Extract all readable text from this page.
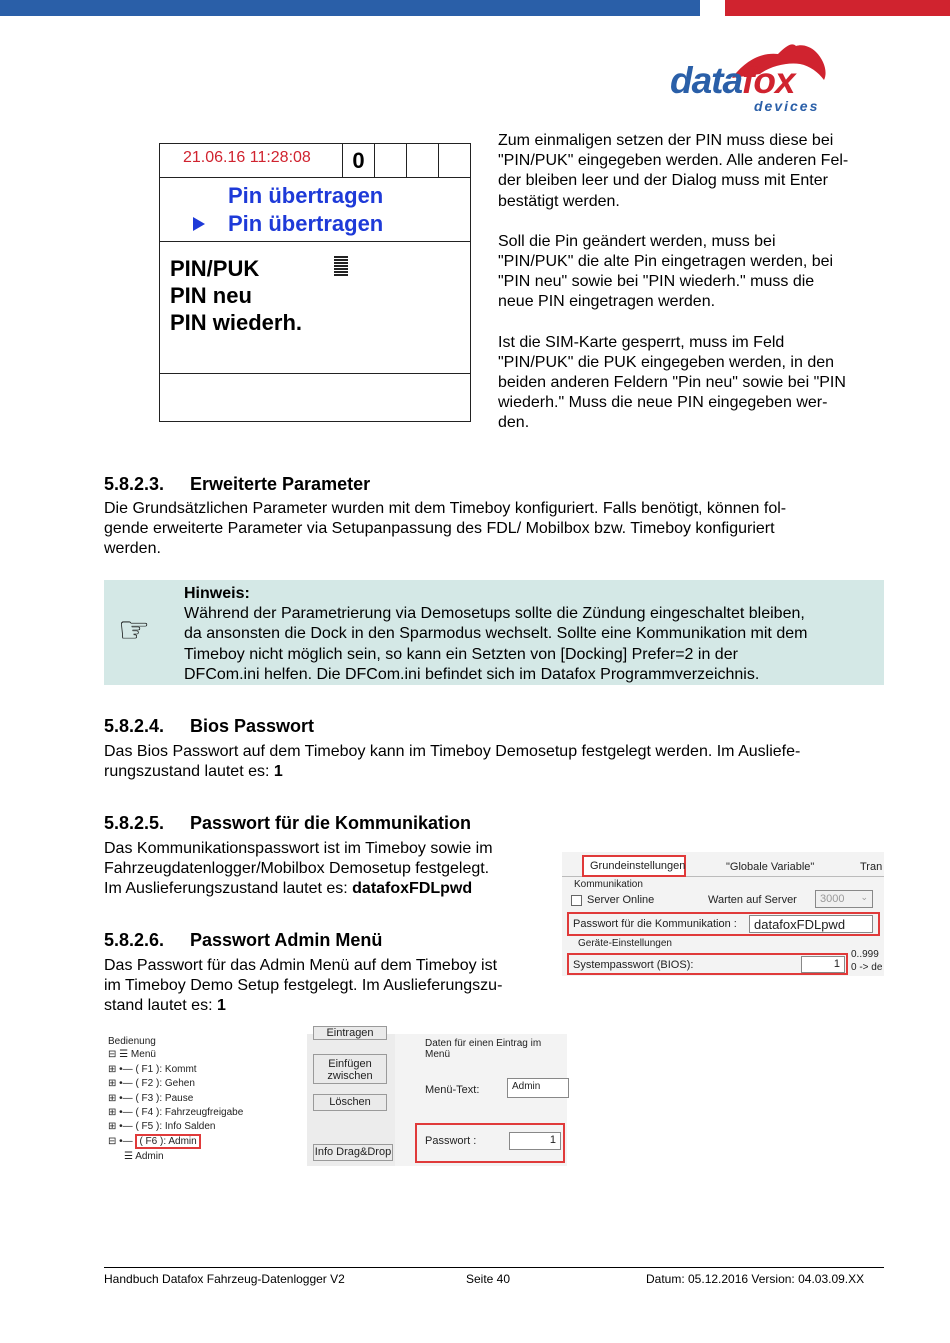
datafox
devices
21.06.16 11:28:08	0
Pin übertragen
Pin übertragen
PIN/PUK
PIN neu
PIN wiederh.

Zum einmaligen setzen der PIN muss diese bei
"PIN/PUK" eingegeben werden. Alle anderen Fel-
der bleiben leer und der Dialog muss mit Enter
bestätigt werden.

Soll die Pin geändert werden, muss bei
"PIN/PUK" die alte Pin eingetragen werden, bei
"PIN neu" sowie bei "PIN wiederh." muss die
neue PIN eingetragen werden.

Ist die SIM-Karte gesperrt, muss im Feld
"PIN/PUK" die PUK eingegeben werden, in den
beiden anderen Feldern "Pin neu" sowie bei "PIN
wiederh." Muss die neue PIN eingegeben wer-
den.

5.8.2.3. Erweiterte Parameter
Die Grundsätzlichen Parameter wurden mit dem Timeboy konfiguriert. Falls benötigt, können fol-
gende erweiterte Parameter via Setupanpassung des FDL/ Mobilbox bzw. Timeboy konfiguriert
werden.
☞
Hinweis:
Während der Parametrierung via Demosetups sollte die Zündung eingeschaltet bleiben,
da ansonsten die Dock in den Sparmodus wechselt. Sollte eine Kommunikation mit dem
Timeboy nicht möglich sein, so kann ein Setzten von [Docking] Prefer=2 in der
DFCom.ini helfen. Die DFCom.ini befindet sich im Datafox Programmverzeichnis.
5.8.2.4. Bios Passwort
Das Bios Passwort auf dem Timeboy kann im Timeboy Demosetup festgelegt werden. Im Ausliefe-
rungszustand lautet es: 1
5.8.2.5. Passwort für die Kommunikation
Das Kommunikationspasswort ist im Timeboy sowie im
Fahrzeugdatenlogger/Mobilbox Demosetup festgelegt.
Im Auslieferungszustand lautet es: datafoxFDLpwd
5.8.2.6. Passwort Admin Menü
Das Passwort für das Admin Menü auf dem Timeboy ist
im Timeboy Demo Setup festgelegt. Im Auslieferungszu-
stand lautet es: 1
Grundeinstellungen	"Globale Variable"	Tran
Kommunikation
Server Online	Warten auf Server	3000 ⌄
Passwort für die Kommunikation :	datafoxFDLpwd
Geräte-Einstellungen
Systempasswort (BIOS):	1
0..999
0 -> de
Bedienung
⊟ ☰ Menü
⊞ •— ( F1 ): Kommt
⊞ •— ( F2 ): Gehen
⊞ •— ( F3 ): Pause
⊞ •— ( F4 ): Fahrzeugfreigabe
⊞ •— ( F5 ): Info Salden
⊟ •— ( F6 ): Admin
☰ Admin
Eintragen
Einfügen
zwischen
Löschen
Info Drag&Drop
Daten für einen Eintrag im Menü
Menü-Text:	Admin
Passwort :	1
Handbuch Datafox Fahrzeug-Datenlogger V2	Seite 40	Datum: 05.12.2016 Version: 04.03.09.XX
